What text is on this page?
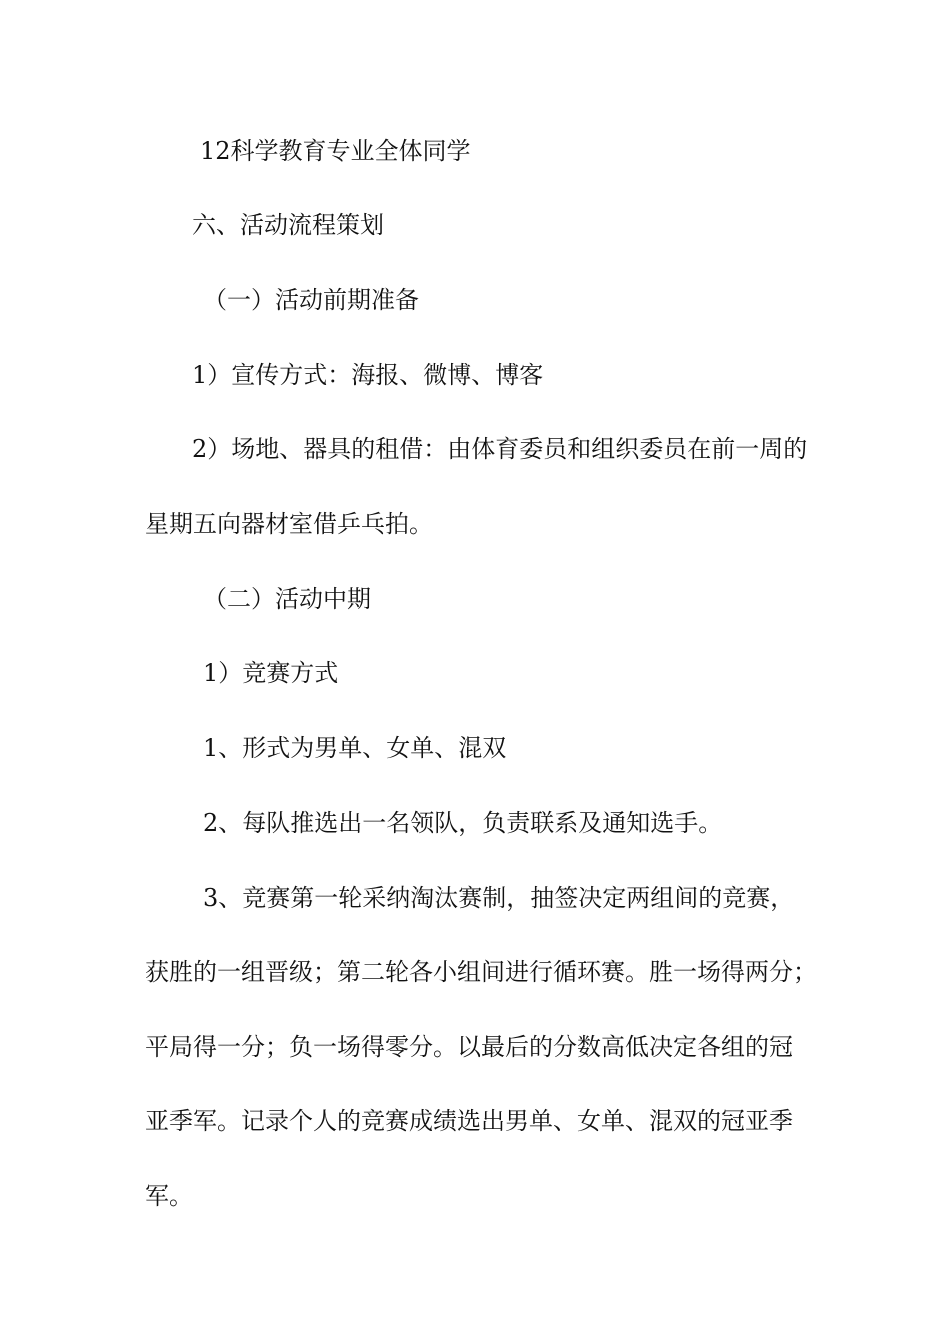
12科学教育专业全体同学
六、活动流程策划
（一）活动前期准备
1）宣传方式：海报、微博、博客
2）场地、器具的租借：由体育委员和组织委员在前一周的
星期五向器材室借乒乓拍。
（二）活动中期
1）竞赛方式
1、形式为男单、女单、混双
2、每队推选出一名领队，负责联系及通知选手。
3、竞赛第一轮采纳淘汰赛制，抽签决定两组间的竞赛，
获胜的一组晋级；第二轮各小组间进行循环赛。胜一场得两分；
平局得一分；负一场得零分。以最后的分数高低决定各组的冠
亚季军。记录个人的竞赛成绩选出男单、女单、混双的冠亚季
军。
